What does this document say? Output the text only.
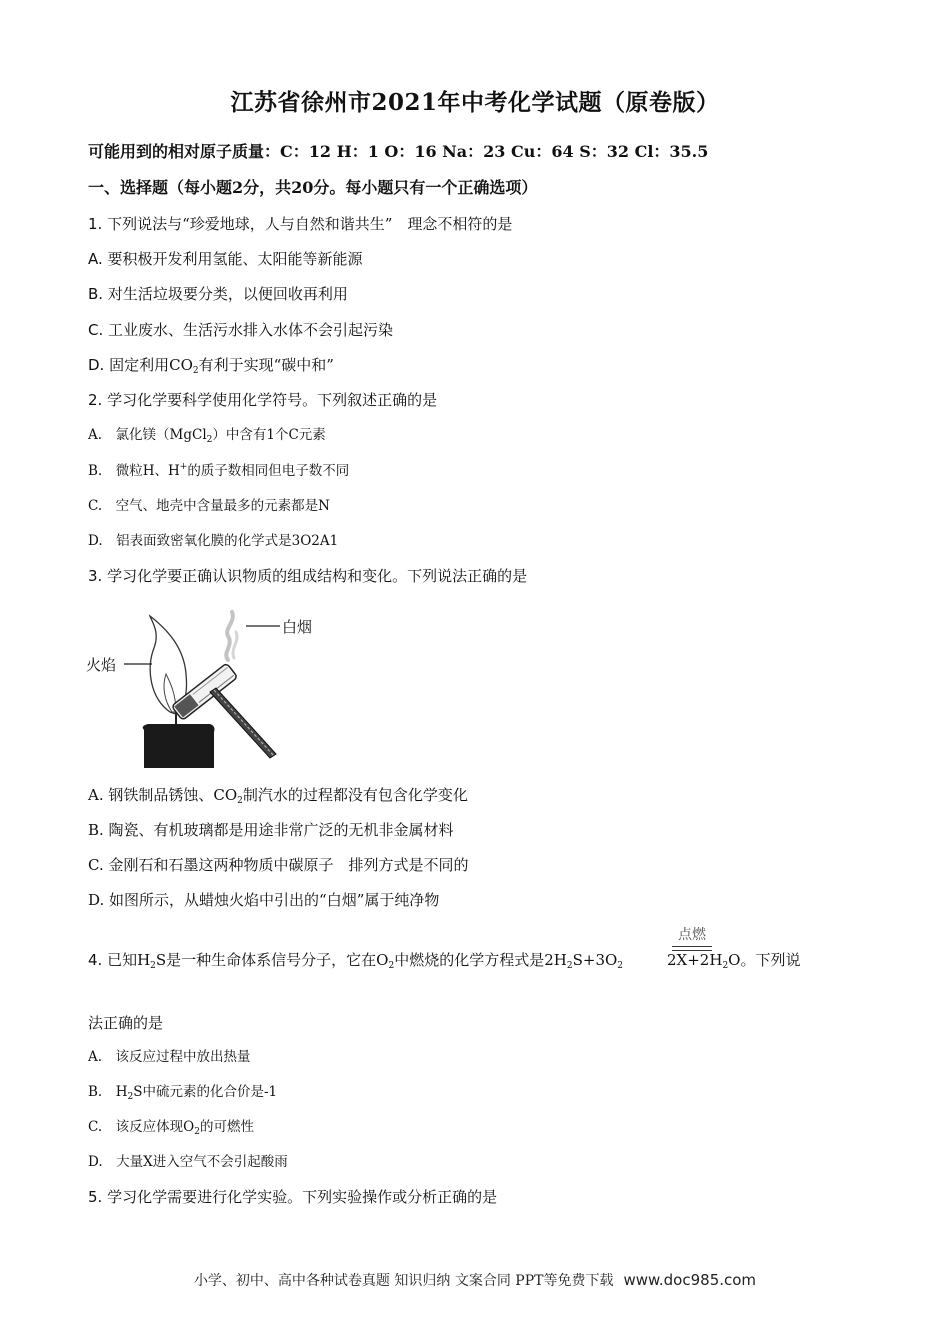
江苏省徐州市2021年中考化学试题（原卷版）
可能用到的相对原子质量：C：12 H：1 O：16 Na：23 Cu：64 S：32 Cl：35.5
一、选择题（每小题2分，共20分。每小题只有一个正确选项）
1. 下列说法与“珍爱地球，人与自然和谐共生”　理念不相符的是
A. 要积极开发利用氢能、太阳能等新能源
B. 对生活垃圾要分类，以便回收再利用
C. 工业废水、生活污水排入水体不会引起污染
D. 固定利用$CO_2$有利于实现“碳中和”
2. 学习化学要科学使用化学符号。下列叙述正确的是
A.　氯化镁（MgCl$_2$）中含有1个C元素
B.　微粒H、H+的质子数相同但电子数不同
C.　空气、地壳中含量最多的元素都是N
D.　铝表面致密氧化膜的化学式是3O2A1
3. 学习化学要正确认识物质的组成结构和变化。下列说法正确的是
白烟
火焰
A. 钢铁制品锈蚀、$CO_2$制汽水的过程都没有包含化学变化
B. 陶瓷、有机玻璃都是用途非常广泛的无机非金属材料
C. 金刚石和石墨这两种物质中碳原子　排列方式是不同的
D. 如图所示，从蜡烛火焰中引出的“白烟”属于纯净物
4. 已知$H_2S$是一种生命体系信号分子，它在$O_2$中燃烧的化学方程式是$2H_2S+3O_2$	$2X+2H_2O$。下列说
点燃
法正确的是
A.　该反应过程中放出热量
B.　$H_2S$中硫元素的化合价是-1
C.　该反应体现$O_2$的可燃性
D.　大量X进入空气不会引起酸雨
5. 学习化学需要进行化学实验。下列实验操作或分析正确的是
小学、初中、高中各种试卷真题 知识归纳 文案合同 PPT等免费下载 www.doc985.com
